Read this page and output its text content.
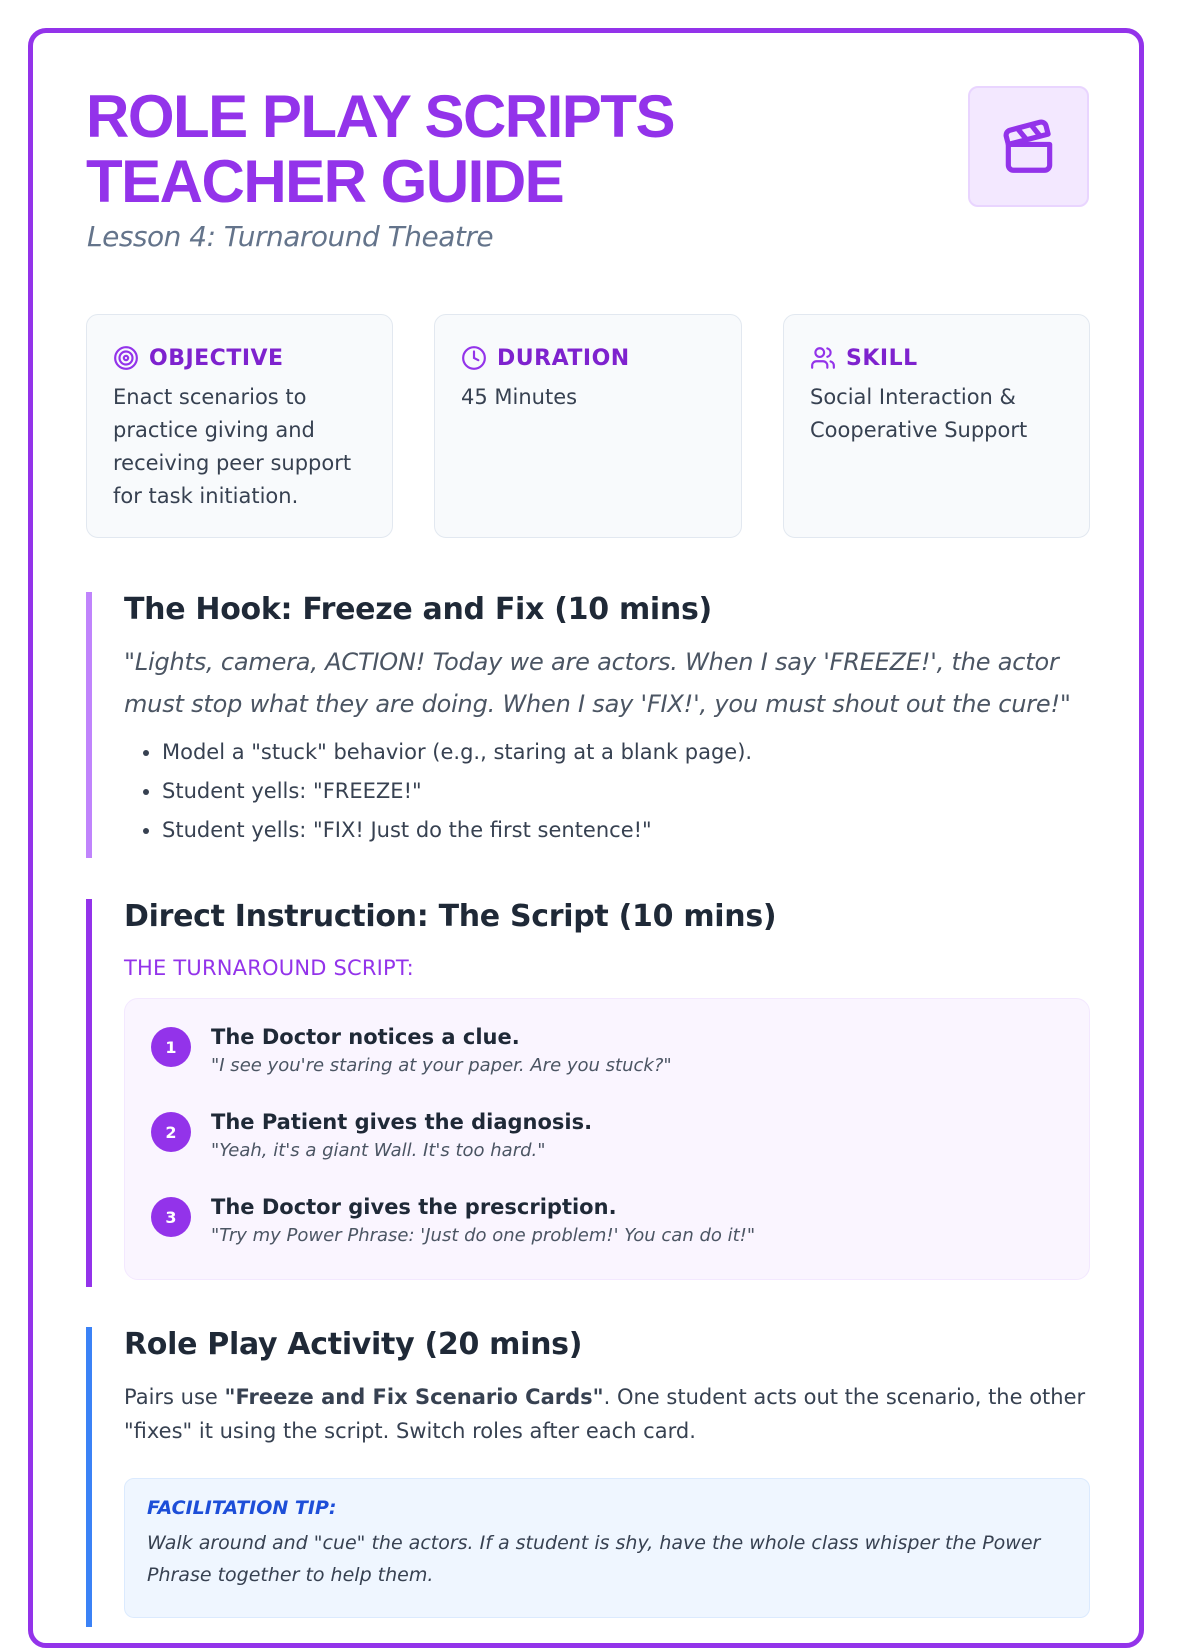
ROLE PLAY SCRIPTS TEACHER GUIDE
Lesson 4: Turnaround Theatre
OBJECTIVE
Enact scenarios to practice giving and receiving peer support for task initiation.
DURATION
45 Minutes
SKILL
Social Interaction & Cooperative Support
The Hook: Freeze and Fix (10 mins)
"Lights, camera, ACTION! Today we are actors. When I say 'FREEZE!', the actor must stop what they are doing. When I say 'FIX!', you must shout out the cure!"
• Model a "stuck" behavior (e.g., staring at a blank page).
• Student yells: "FREEZE!"
• Student yells: "FIX! Just do the first sentence!"
Direct Instruction: The Script (10 mins)
THE TURNAROUND SCRIPT:
1	The Doctor notices a clue.
"I see you're staring at your paper. Are you stuck?"
2	The Patient gives the diagnosis.
"Yeah, it's a giant Wall. It's too hard."
3	The Doctor gives the prescription.
"Try my Power Phrase: 'Just do one problem!' You can do it!"
Role Play Activity (20 mins)
Pairs use "Freeze and Fix Scenario Cards". One student acts out the scenario, the other "fixes" it using the script. Switch roles after each card.
FACILITATION TIP:
Walk around and "cue" the actors. If a student is shy, have the whole class whisper the Power Phrase together to help them.
